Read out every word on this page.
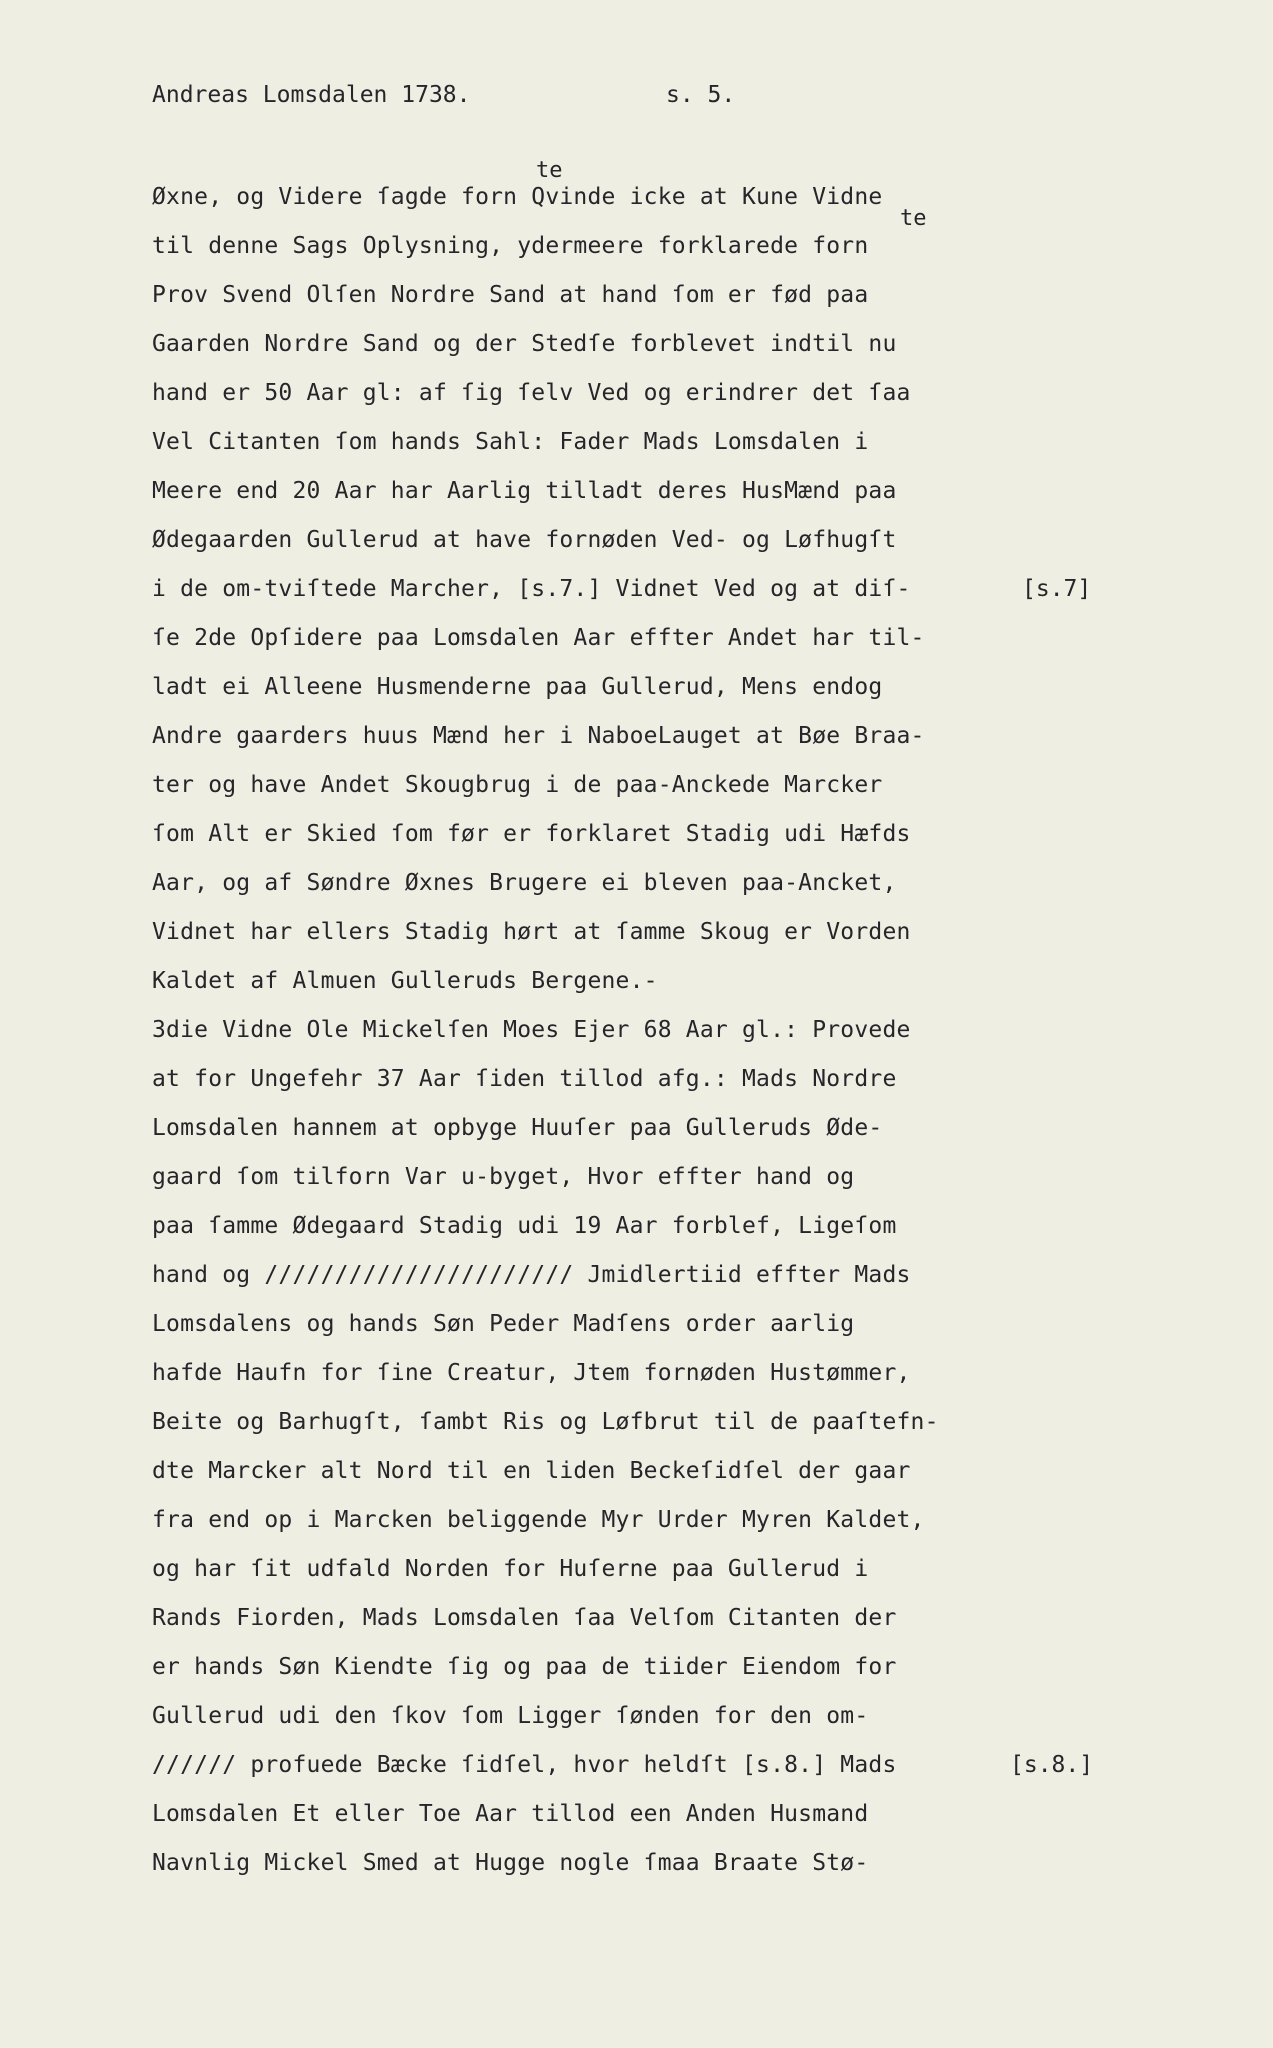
Andreas Lomsdalen 1738.	s. 5.
te
te
Øxne, og Videre ſagde forn Qvinde icke at Kune Vidne
til denne Sags Oplysning, ydermeere forklarede forn
Prov Svend Olſen Nordre Sand at hand ſom er fød paa
Gaarden Nordre Sand og der Stedſe forblevet indtil nu
hand er 50 Aar gl: af ſig ſelv Ved og erindrer det ſaa
Vel Citanten ſom hands Sahl: Fader Mads Lomsdalen i
Meere end 20 Aar har Aarlig tilladt deres HusMænd paa
Ødegaarden Gullerud at have fornøden Ved- og Løfhugſt
i de om-tviſtede Marcher, [s.7.] Vidnet Ved og at diſ-
ſe 2de Opſidere paa Lomsdalen Aar effter Andet har til-
ladt ei Alleene Husmenderne paa Gullerud, Mens endog
Andre gaarders huus Mænd her i NaboeLauget at Bøe Braa-
ter og have Andet Skougbrug i de paa-Anckede Marcker
ſom Alt er Skied ſom før er forklaret Stadig udi Hæfds
Aar, og af Søndre Øxnes Brugere ei bleven paa-Ancket,
Vidnet har ellers Stadig hørt at ſamme Skoug er Vorden
Kaldet af Almuen Gulleruds Bergene.-
3die Vidne Ole Mickelſen Moes Ejer 68 Aar gl.: Provede
at for Ungefehr 37 Aar ſiden tillod afg.: Mads Nordre
Lomsdalen hannem at opbyge Huuſer paa Gulleruds Øde-
gaard ſom tilforn Var u-byget, Hvor effter hand og
paa ſamme Ødegaard Stadig udi 19 Aar forblef, Ligeſom
hand og ////////////////////// Jmidlertiid effter Mads
Lomsdalens og hands Søn Peder Madſens order aarlig
hafde Haufn for ſine Creatur, Jtem fornøden Hustømmer,
Beite og Barhugſt, ſambt Ris og Løfbrut til de paaſtefn-
dte Marcker alt Nord til en liden Beckeſidſel der gaar
fra end op i Marcken beliggende Myr Urder Myren Kaldet,
og har ſit udfald Norden for Huſerne paa Gullerud i
Rands Fiorden, Mads Lomsdalen ſaa Velſom Citanten der
er hands Søn Kiendte ſig og paa de tiider Eiendom for
Gullerud udi den ſkov ſom Ligger ſønden for den om-
////// profuede Bæcke ſidſel, hvor heldſt [s.8.] Mads
Lomsdalen Et eller Toe Aar tillod een Anden Husmand
Navnlig Mickel Smed at Hugge nogle ſmaa Braate Stø-
[s.7]
[s.8.]
